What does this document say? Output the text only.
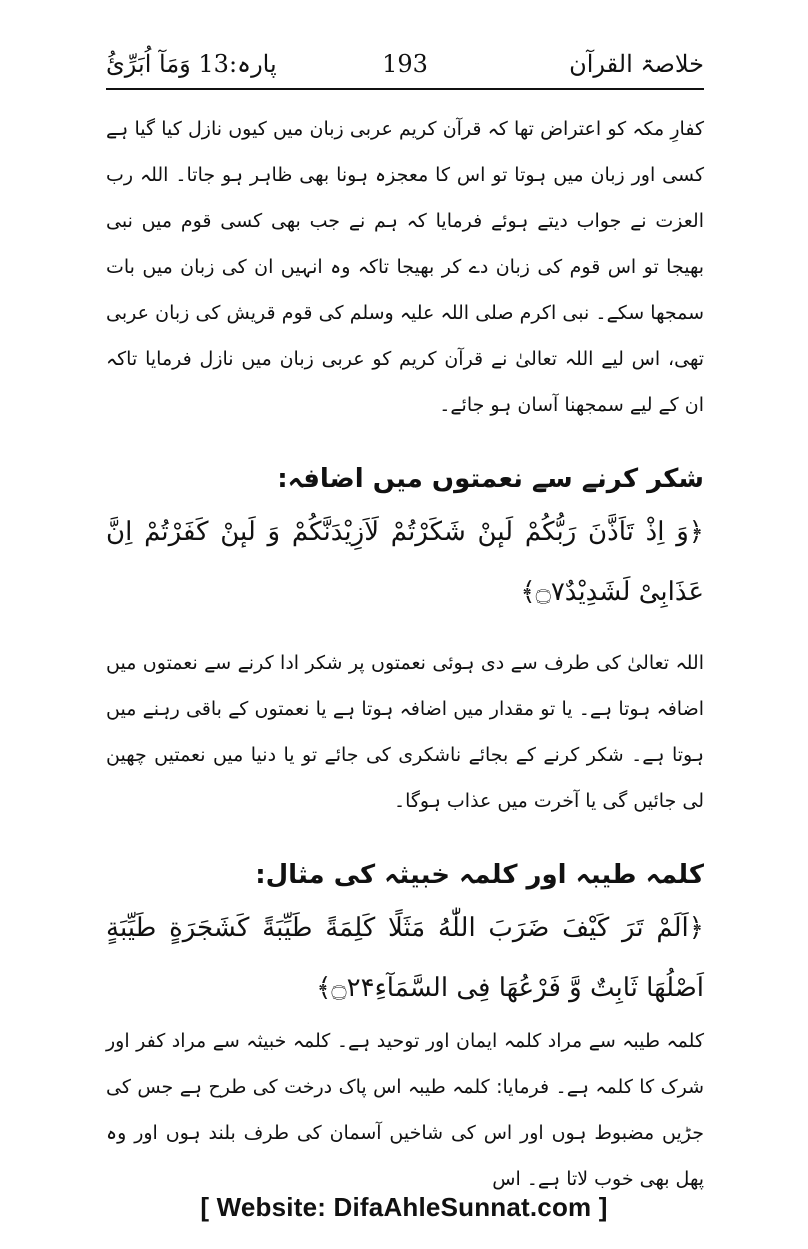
خلاصۃ القرآن
193
پارہ:13 وَمَآ اُبَرِّیُٔ

کفارِ مکہ کو اعتراض تھا کہ قرآن کریم عربی زبان میں کیوں نازل کیا گیا ہے کسی اور زبان میں ہوتا تو اس کا معجزہ ہونا بھی ظاہر ہو جاتا۔ اللہ رب العزت نے جواب دیتے ہوئے فرمایا کہ ہم نے جب بھی کسی قوم میں نبی بھیجا تو اس قوم کی زبان دے کر بھیجا تاکہ وہ انہیں ان کی زبان میں بات سمجھا سکے۔ نبی اکرم صلی اللہ علیہ وسلم کی قوم قریش کی زبان عربی تھی، اس لیے اللہ تعالیٰ نے قرآن کریم کو عربی زبان میں نازل فرمایا تاکہ ان کے لیے سمجھنا آسان ہو جائے۔

شکر کرنے سے نعمتوں میں اضافہ:

﴿وَ اِذْ تَاَذَّنَ رَبُّكُمْ لَىٕنْ شَكَرْتُمْ لَاَزِیْدَنَّكُمْ وَ لَىٕنْ كَفَرْتُمْ اِنَّ عَذَابِیْ لَشَدِیْدٌ۝۷﴾

اللہ تعالیٰ کی طرف سے دی ہوئی نعمتوں پر شکر ادا کرنے سے نعمتوں میں اضافہ ہوتا ہے۔ یا تو مقدار میں اضافہ ہوتا ہے یا نعمتوں کے باقی رہنے میں ہوتا ہے۔ شکر کرنے کے بجائے ناشکری کی جائے تو یا دنیا میں نعمتیں چھین لی جائیں گی یا آخرت میں عذاب ہوگا۔

کلمہ طیبہ اور کلمہ خبیثہ کی مثال:

﴿اَلَمْ تَرَ كَیْفَ ضَرَبَ اللّٰهُ مَثَلًا كَلِمَةً طَیِّبَةً كَشَجَرَةٍ طَیِّبَةٍ اَصْلُهَا ثَابِتٌ وَّ فَرْعُهَا فِی السَّمَآءِ۝۲۴﴾

کلمہ طیبہ سے مراد کلمہ ایمان اور توحید ہے۔ کلمہ خبیثہ سے مراد کفر اور شرک کا کلمہ ہے۔ فرمایا: کلمہ طیبہ اس پاک درخت کی طرح ہے جس کی جڑیں مضبوط ہوں اور اس کی شاخیں آسمان کی طرف بلند ہوں اور وہ پھل بھی خوب لاتا ہے۔ اس

[ Website: DifaAhleSunnat.com ]
